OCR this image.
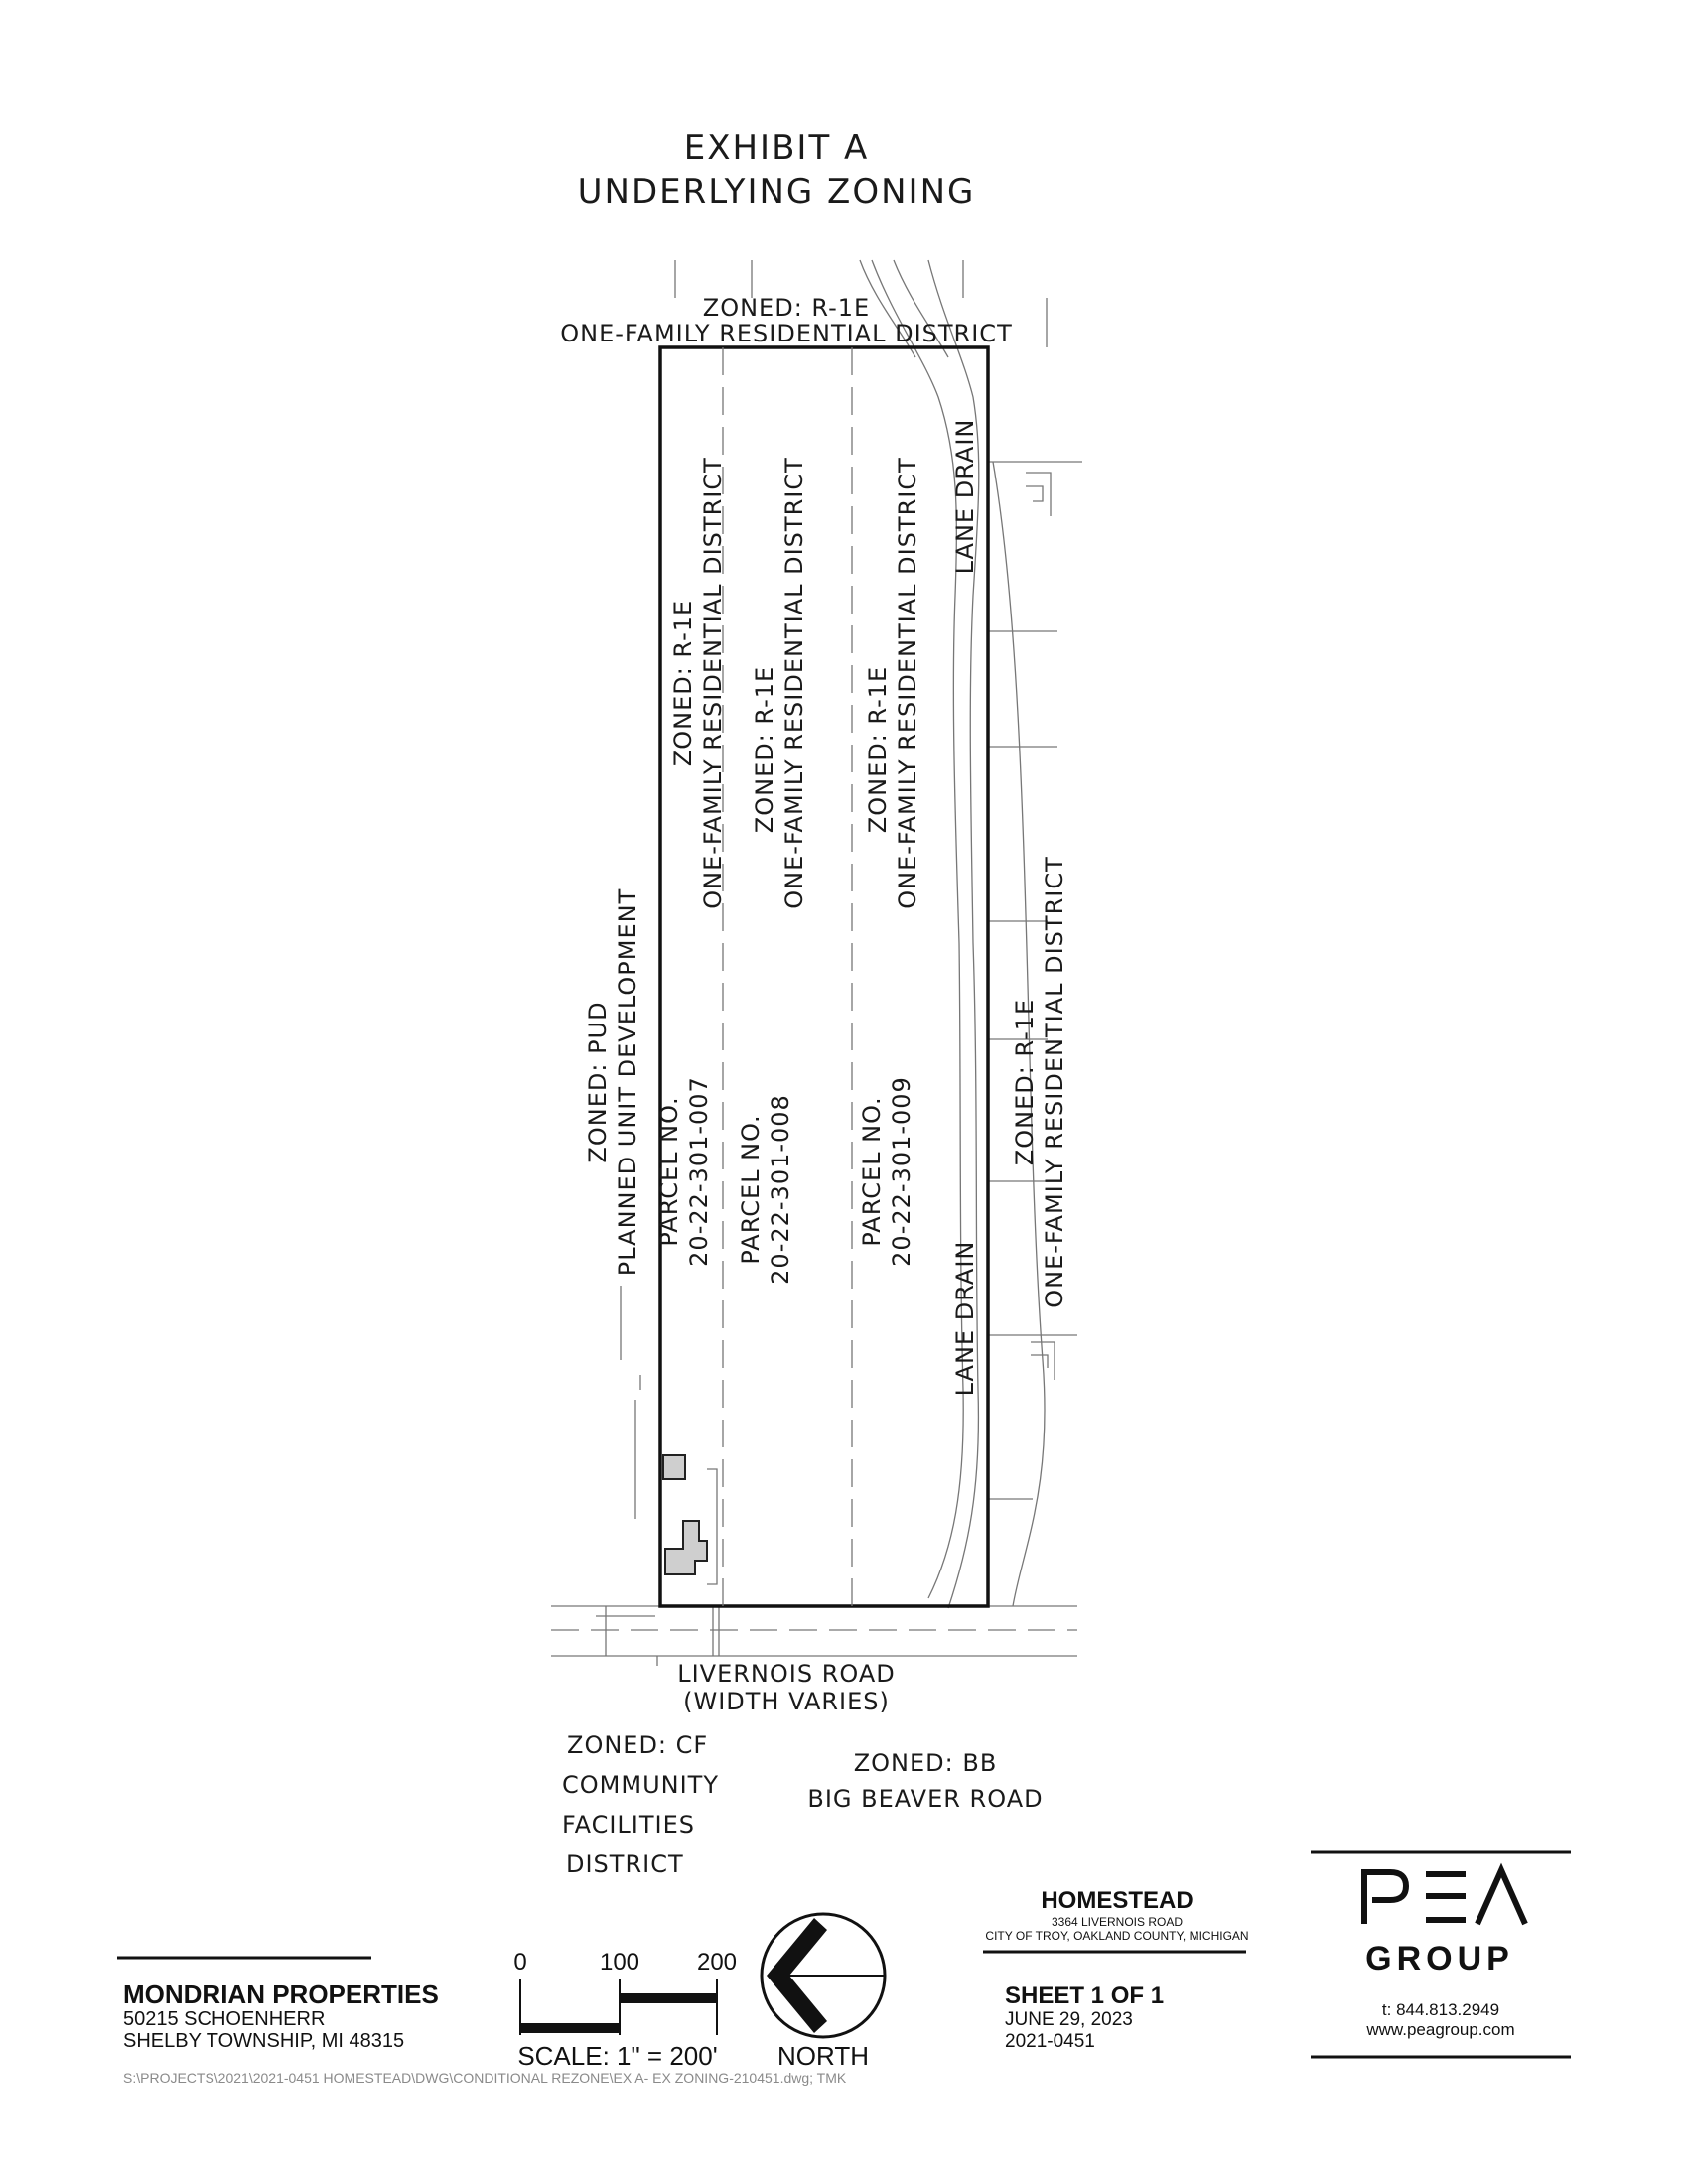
EXHIBIT A
UNDERLYING ZONING
ZONED: R-1E
ONE-FAMILY RESIDENTIAL DISTRICT
ZONED: R-1E ONE-FAMILY RESIDENTIAL DISTRICT
PARCEL NO. 20-22-301-007
ZONED: R-1E ONE-FAMILY RESIDENTIAL DISTRICT
PARCEL NO. 20-22-301-008
ZONED: R-1E ONE-FAMILY RESIDENTIAL DISTRICT
PARCEL NO. 20-22-301-009
LANE DRAIN
LANE DRAIN
ZONED: PUD PLANNED UNIT DEVELOPMENT	ZONED: R-1E ONE-FAMILY RESIDENTIAL DISTRICT
LIVERNOIS ROAD
(WIDTH VARIES)
ZONED: CF
COMMUNITY
FACILITIES
DISTRICT
ZONED: BB
BIG BEAVER ROAD
MONDRIAN PROPERTIES
50215 SCHOENHERR
SHELBY TOWNSHIP, MI 48315
0	100 200
SCALE: 1" = 200' NORTH
HOMESTEAD
3364 LIVERNOIS ROAD
CITY OF TROY, OAKLAND COUNTY, MICHIGAN
SHEET 1 OF 1
JUNE 29, 2023
2021-0451
PEA
GROUP
t: 844.813.2949
www.peagroup.com
S:\PROJECTS\2021\2021-0451 HOMESTEAD\DWG\CONDITIONAL REZONE\EX A- EX ZONING-210451.dwg; TMK
